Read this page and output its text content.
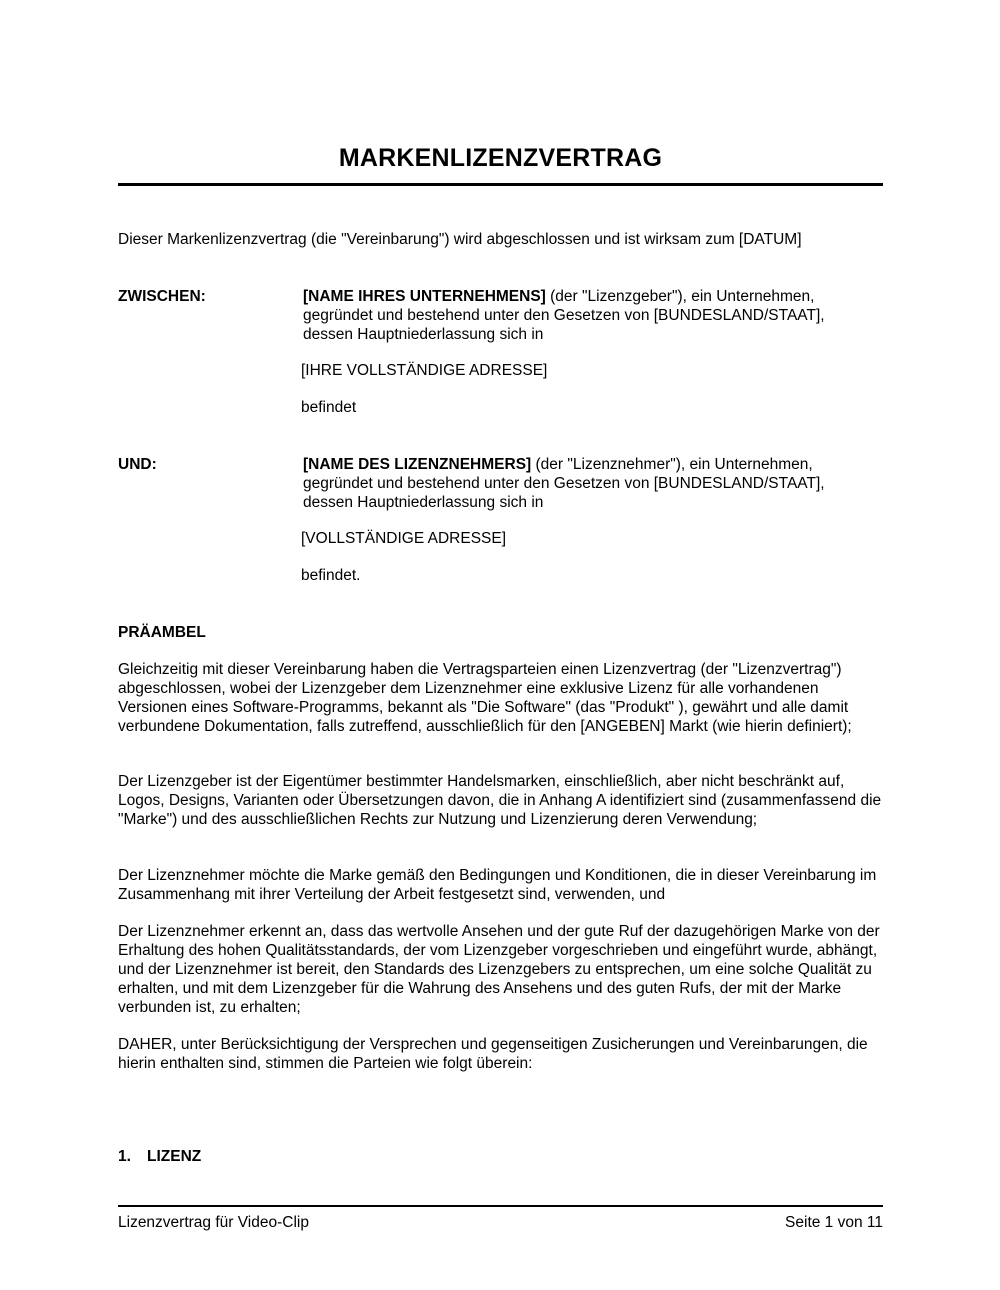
MARKENLIZENZVERTRAG
Dieser Markenlizenzvertrag (die "Vereinbarung") wird abgeschlossen und ist wirksam zum [DATUM]
ZWISCHEN:	[NAME IHRES UNTERNEHMENS] (der "Lizenzgeber"), ein Unternehmen,

gegründet und bestehend unter den Gesetzen von [BUNDESLAND/STAAT],

dessen Hauptniederlassung sich in

[IHRE VOLLSTÄNDIGE ADRESSE]
befindet
UND:	[NAME DES LIZENZNEHMERS] (der "Lizenznehmer"), ein Unternehmen,

gegründet und bestehend unter den Gesetzen von [BUNDESLAND/STAAT],

dessen Hauptniederlassung sich in

[VOLLSTÄNDIGE ADRESSE]
befindet.
PRÄAMBEL

Gleichzeitig mit dieser Vereinbarung haben die Vertragsparteien einen Lizenzvertrag (der "Lizenzvertrag") abgeschlossen, wobei der Lizenzgeber dem Lizenznehmer eine exklusive Lizenz für alle vorhandenen Versionen eines Software-Programms, bekannt als "Die Software" (das "Produkt" ), gewährt und alle damit verbundene Dokumentation, falls zutreffend, ausschließlich für den [ANGEBEN] Markt (wie hierin definiert);

Der Lizenzgeber ist der Eigentümer bestimmter Handelsmarken, einschließlich, aber nicht beschränkt auf, Logos, Designs, Varianten oder Übersetzungen davon, die in Anhang A identifiziert sind (zusammenfassend die "Marke") und des ausschließlichen Rechts zur Nutzung und Lizenzierung deren Verwendung;

Der Lizenznehmer möchte die Marke gemäß den Bedingungen und Konditionen, die in dieser Vereinbarung im Zusammenhang mit ihrer Verteilung der Arbeit festgesetzt sind, verwenden, und

Der Lizenznehmer erkennt an, dass das wertvolle Ansehen und der gute Ruf der dazugehörigen Marke von der Erhaltung des hohen Qualitätsstandards, der vom Lizenzgeber vorgeschrieben und eingeführt wurde, abhängt, und der Lizenznehmer ist bereit, den Standards des Lizenzgebers zu entsprechen, um eine solche Qualität zu erhalten, und mit dem Lizenzgeber für die Wahrung des Ansehens und des guten Rufs, der mit der Marke verbunden ist, zu erhalten;

DAHER, unter Berücksichtigung der Versprechen und gegenseitigen Zusicherungen und Vereinbarungen, die hierin enthalten sind, stimmen die Parteien wie folgt überein:

1. LIZENZ
Lizenzvertrag für Video-Clip	Seite 1 von 11
